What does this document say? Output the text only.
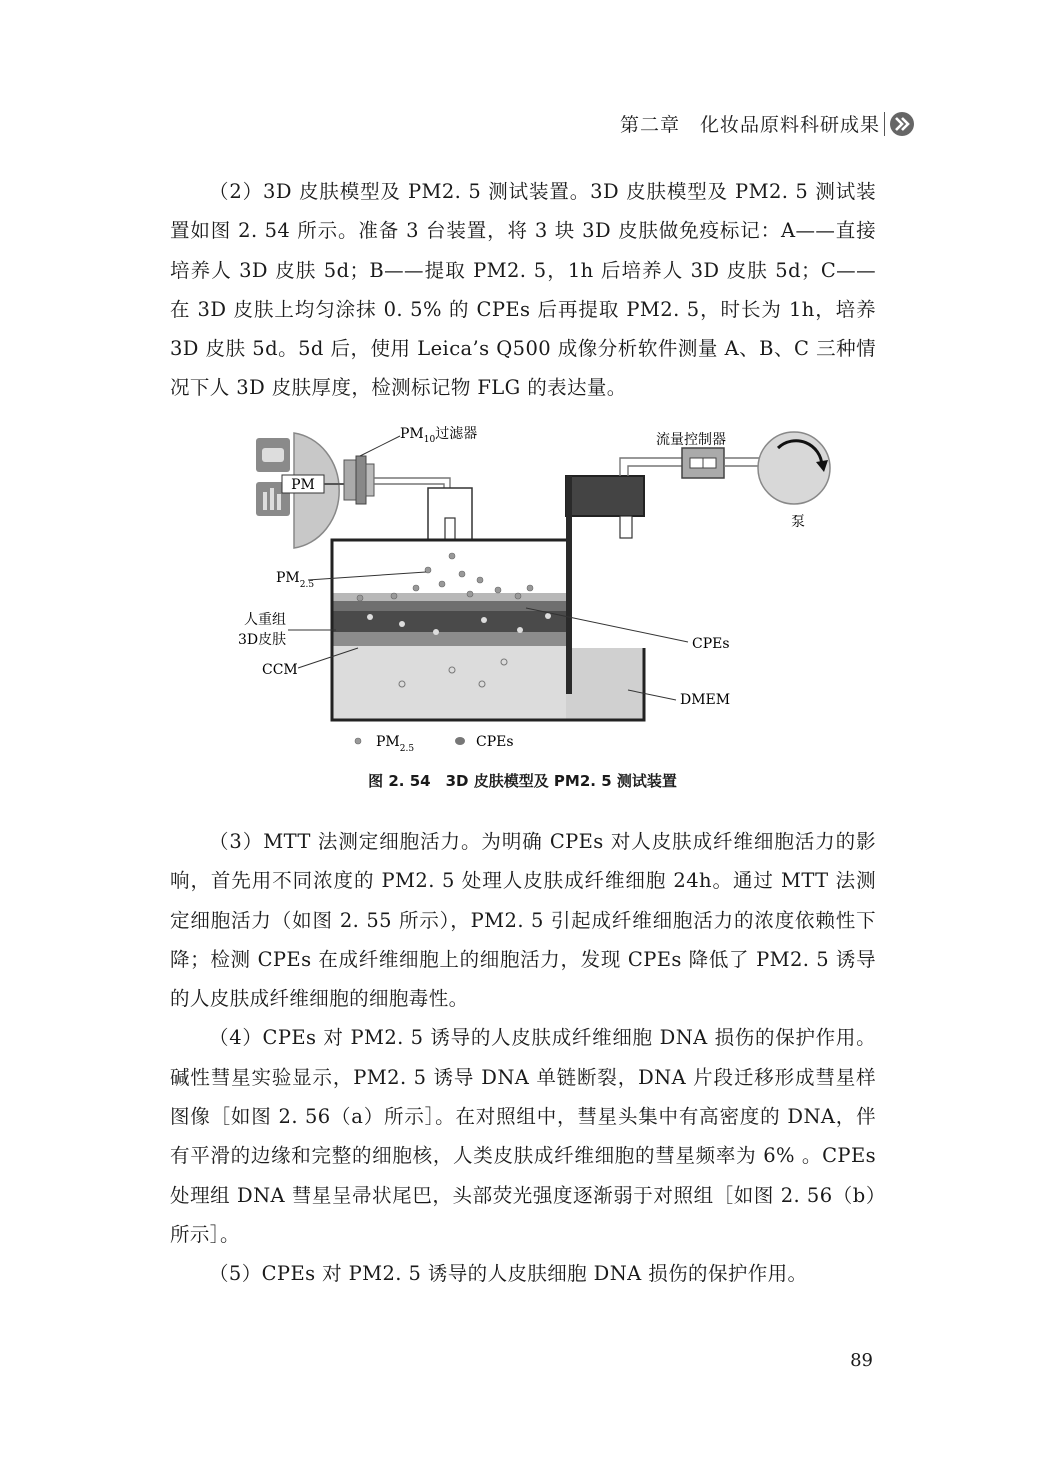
第二章　化妆品原料科研成果

（2）3D 皮肤模型及 PM2. 5 测试装置。3D 皮肤模型及 PM2. 5 测试装置如图 2. 54 所示。准备 3 台装置，将 3 块 3D 皮肤做免疫标记：A——直接培养人 3D 皮肤 5d；B——提取 PM2. 5，1h 后培养人 3D 皮肤 5d；C——在 3D 皮肤上均匀涂抹 0. 5% 的 CPEs 后再提取 PM2. 5，时长为 1h，培养 3D 皮肤 5d。5d 后，使用 Leica’s Q500 成像分析软件测量 A、B、C 三种情况下人 3D 皮肤厚度，检测标记物 FLG 的表达量。

PM
$PM_{10}$过滤器	流量控制器
泵
$PM_{2.5}$
人重组
3D皮肤
CCM
CPEs
DMEM
$PM_{2.5}$	CPEs
图 2. 54　3D 皮肤模型及 PM2. 5 测试装置

（3）MTT 法测定细胞活力。为明确 CPEs 对人皮肤成纤维细胞活力的影响，首先用不同浓度的 PM2. 5 处理人皮肤成纤维细胞 24h。通过 MTT 法测定细胞活力（如图 2. 55 所示），PM2. 5 引起成纤维细胞活力的浓度依赖性下降；检测 CPEs 在成纤维细胞上的细胞活力，发现 CPEs 降低了 PM2. 5 诱导的人皮肤成纤维细胞的细胞毒性。

（4）CPEs 对 PM2. 5 诱导的人皮肤成纤维细胞 DNA 损伤的保护作用。碱性彗星实验显示，PM2. 5 诱导 DNA 单链断裂，DNA 片段迁移形成彗星样图像［如图 2. 56（a）所示］。在对照组中，彗星头集中有高密度的 DNA，伴有平滑的边缘和完整的细胞核，人类皮肤成纤维细胞的彗星频率为 6% 。CPEs 处理组 DNA 彗星呈帚状尾巴，头部荧光强度逐渐弱于对照组［如图 2. 56（b）所示］。

（5）CPEs 对 PM2. 5 诱导的人皮肤细胞 DNA 损伤的保护作用。

89
